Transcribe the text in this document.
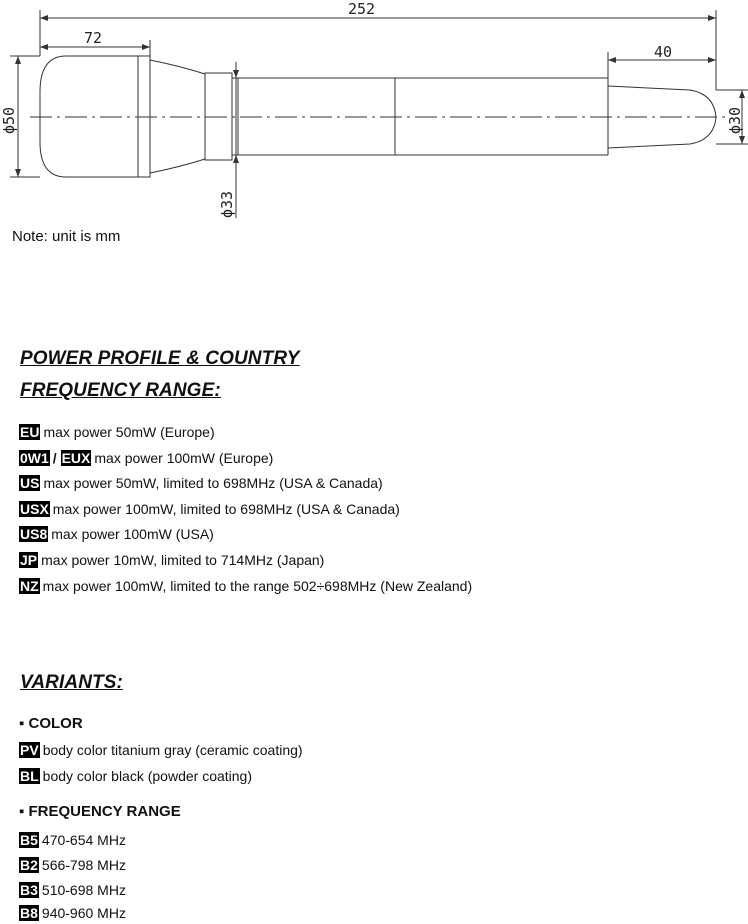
252
72
40
ϕ50
ϕ33
ϕ30
Note: unit is mm
POWER PROFILE & COUNTRY
FREQUENCY RANGE:
EU max power 50mW (Europe)
0W1 / EUX max power 100mW (Europe)
US max power 50mW, limited to 698MHz (USA & Canada)
USX max power 100mW, limited to 698MHz (USA & Canada)
US8 max power 100mW (USA)
JP max power 10mW, limited to 714MHz (Japan)
NZ max power 100mW, limited to the range 502÷698MHz (New Zealand)
VARIANTS:
▪ COLOR
PV body color titanium gray (ceramic coating)
BL body color black (powder coating)
▪ FREQUENCY RANGE
B5 470-654 MHz
B2 566-798 MHz
B3 510-698 MHz
B8 940-960 MHz
